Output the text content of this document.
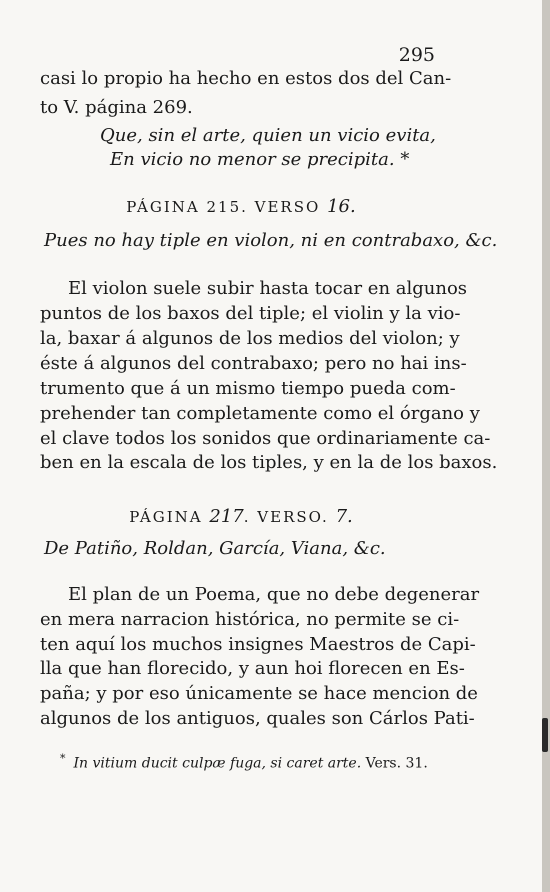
295
casi lo propio ha hecho en estos dos del Can-
to V. página 269.
Que, sin el arte, quien un vicio evita,
En vicio no menor se precipita. *
PÁGINA 215. VERSO 16.
Pues no hay tiple en violon, ni en contrabaxo, &c.
El violon suele subir hasta tocar en algunos
puntos de los baxos del tiple; el violin y la vio-
la, baxar á algunos de los medios del violon; y
éste á algunos del contrabaxo; pero no hai ins-
trumento que á un mismo tiempo pueda com-
prehender tan completamente como el órgano y
el clave todos los sonidos que ordinariamente ca-
ben en la escala de los tiples, y en la de los baxos.
PÁGINA 217. VERSO. 7.
De Patiño, Roldan, García, Viana, &c.
El plan de un Poema, que no debe degenerar
en mera narracion histórica, no permite se ci-
ten aquí los muchos insignes Maestros de Capi-
lla que han florecido, y aun hoi florecen en Es-
paña; y por eso únicamente se hace mencion de
algunos de los antiguos, quales son Cárlos Pati-
* In vitium ducit culpæ fuga, si caret arte. Vers. 31.
